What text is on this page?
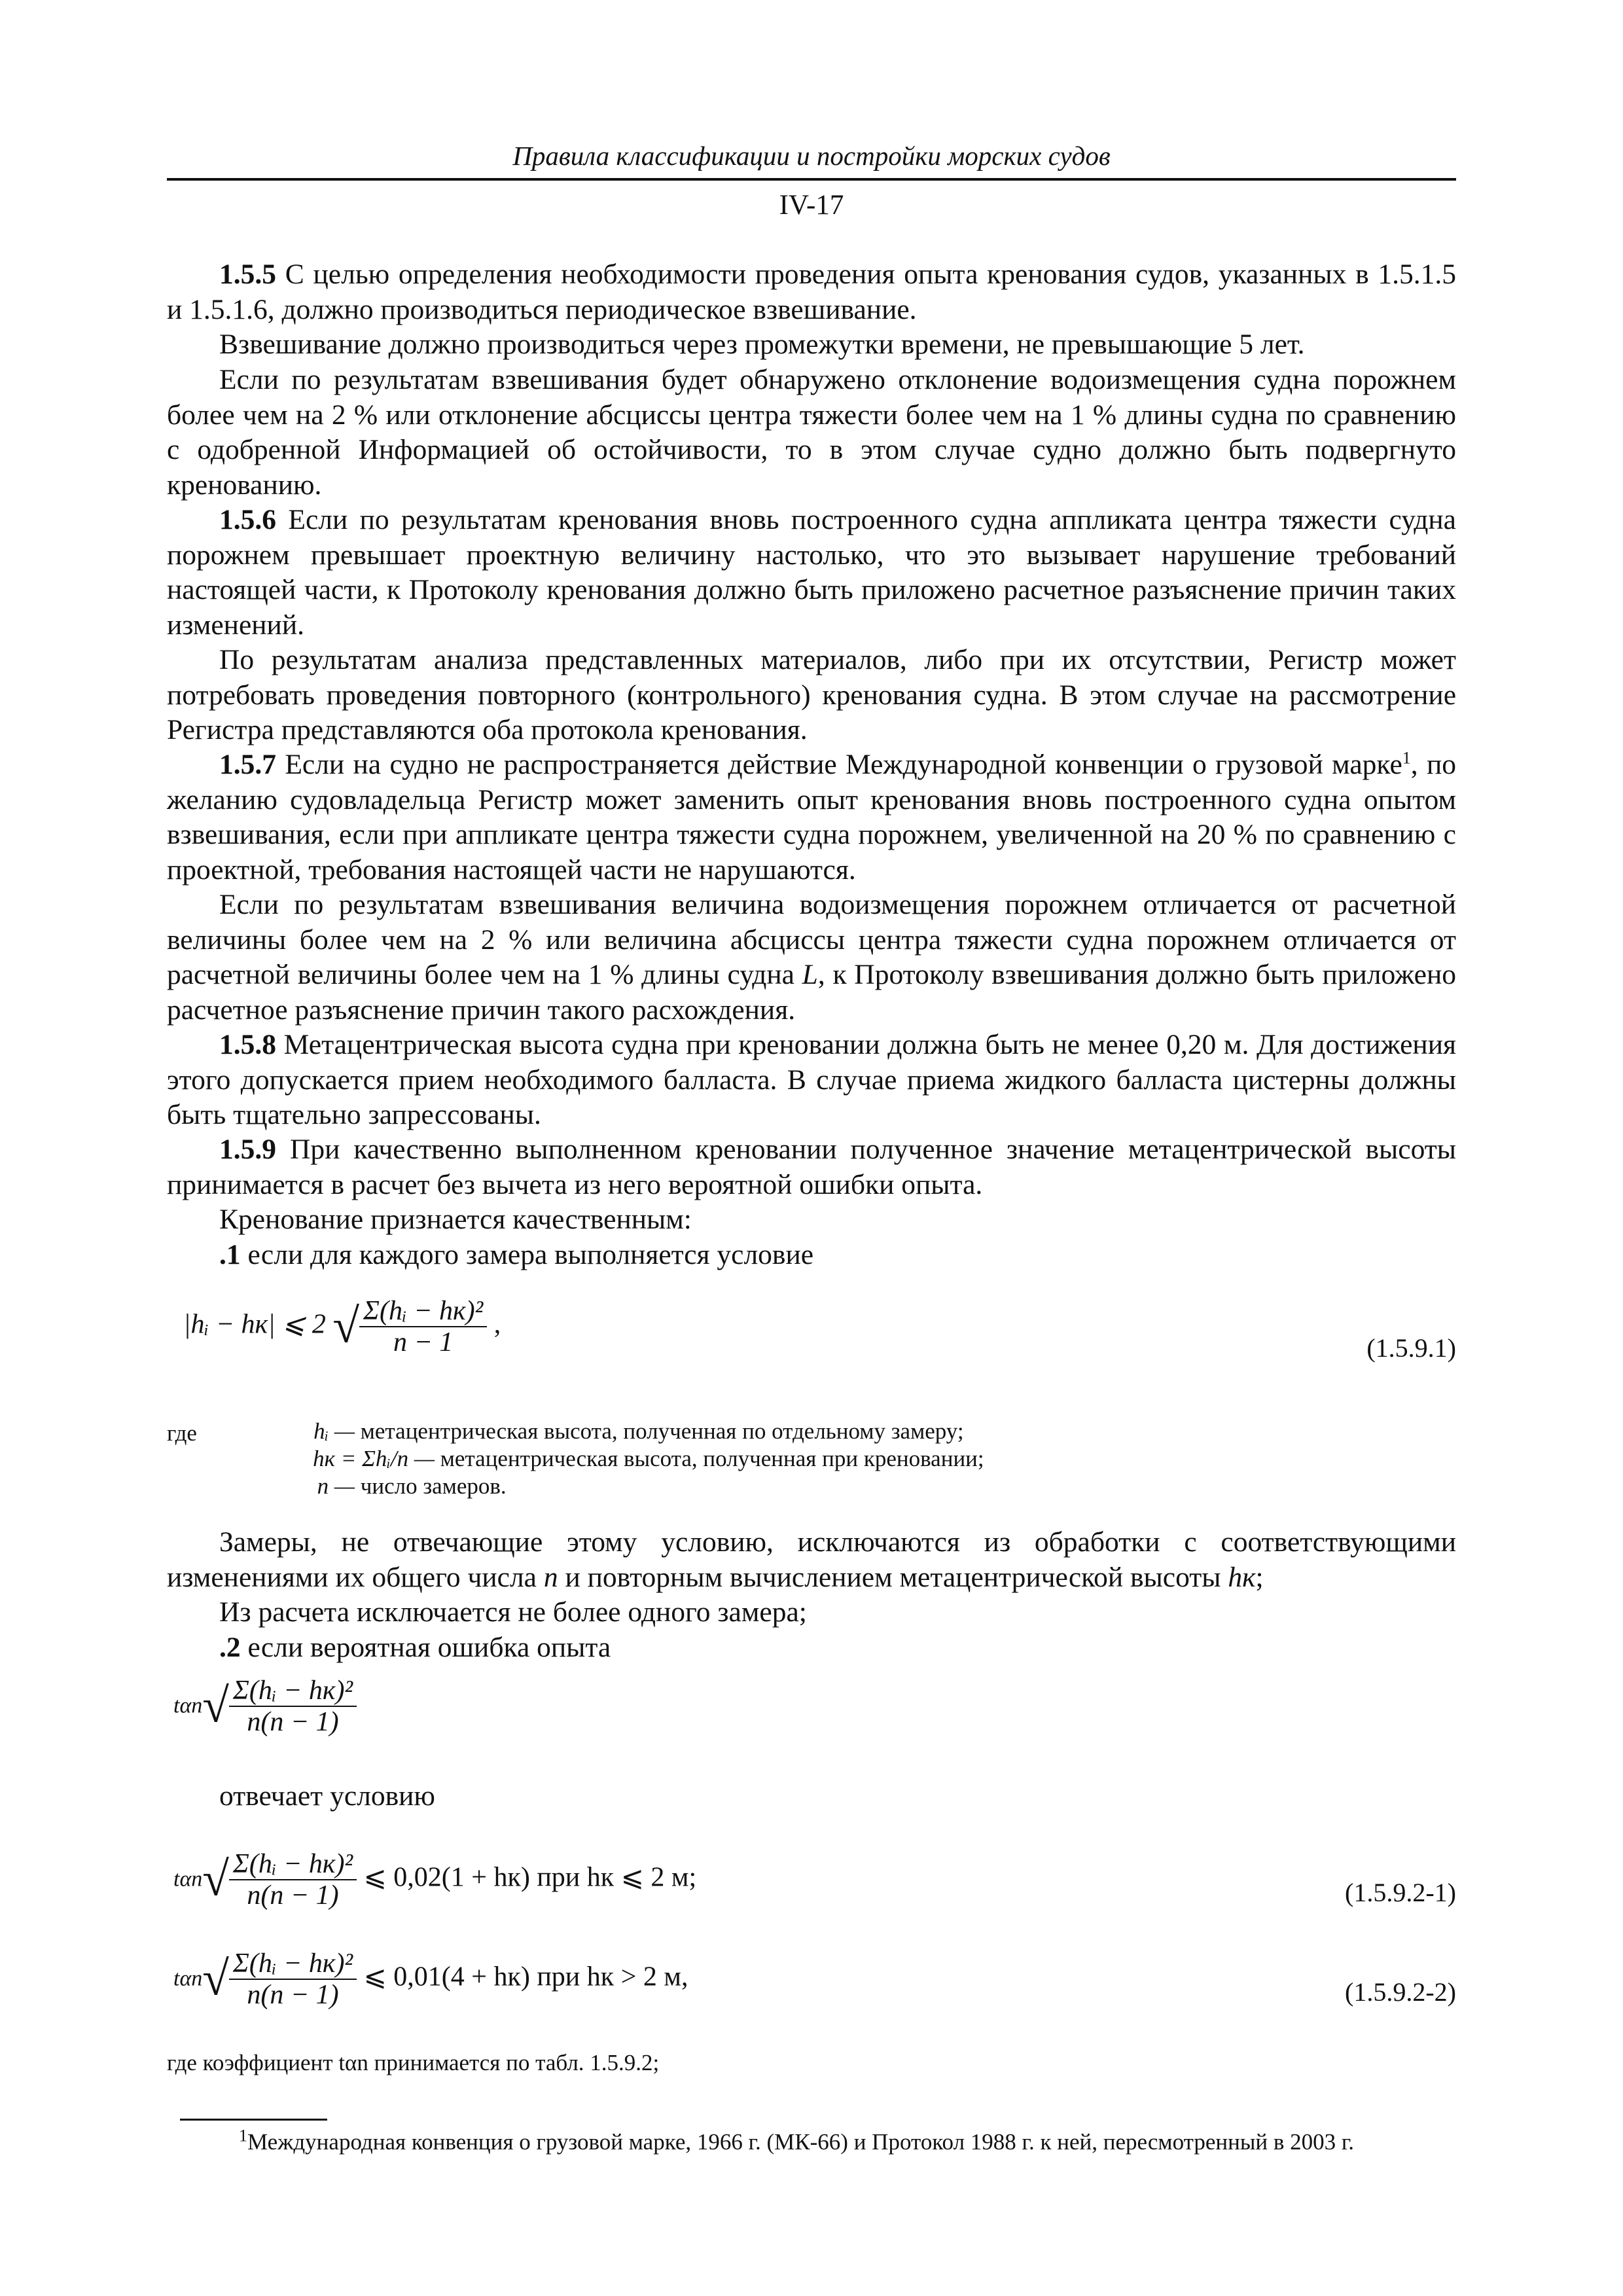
Правила классификации и постройки морских судов
IV-17
1.5.5 С целью определения необходимости проведения опыта кренования судов, указанных в 1.5.1.5 и 1.5.1.6, должно производиться периодическое взвешивание.
Взвешивание должно производиться через промежутки времени, не превышающие 5 лет.
Если по результатам взвешивания будет обнаружено отклонение водоизмещения судна порожнем более чем на 2 % или отклонение абсциссы центра тяжести более чем на 1 % длины судна по сравнению с одобренной Информацией об остойчивости, то в этом случае судно должно быть подвергнуто кренованию.
1.5.6 Если по результатам кренования вновь построенного судна аппликата центра тяжести судна порожнем превышает проектную величину настолько, что это вызывает нарушение требований настоящей части, к Протоколу кренования должно быть приложено расчетное разъяснение причин таких изменений.
По результатам анализа представленных материалов, либо при их отсутствии, Регистр может потребовать проведения повторного (контрольного) кренования судна. В этом случае на рассмотрение Регистра представляются оба протокола кренования.
1.5.7 Если на судно не распространяется действие Международной конвенции о грузовой марке$^1$, по желанию судовладельца Регистр может заменить опыт кренования вновь построенного судна опытом взвешивания, если при аппликате центра тяжести судна порожнем, увеличенной на 20 % по сравнению с проектной, требования настоящей части не нарушаются.
Если по результатам взвешивания величина водоизмещения порожнем отличается от расчетной величины более чем на 2 % или величина абсциссы центра тяжести судна порожнем отличается от расчетной величины более чем на 1 % длины судна L, к Протоколу взвешивания должно быть приложено расчетное разъяснение причин такого расхождения.
1.5.8 Метацентрическая высота судна при креновании должна быть не менее 0,20 м. Для достижения этого допускается прием необходимого балласта. В случае приема жидкого балласта цистерны должны быть тщательно запрессованы.
1.5.9 При качественно выполненном креновании полученное значение метацентрической высоты принимается в расчет без вычета из него вероятной ошибки опыта.
Кренование признается качественным:
.1 если для каждого замера выполняется условие
|hᵢ − hк| ⩽ 2 √ $\frac{\text{Σ(hᵢ − hк)²}}{n - 1}$ ,
(1.5.9.1)
где	hᵢ — метацентрическая высота, полученная по отдельному замеру;
hк = Σhᵢ/n — метацентрическая высота, полученная при креновании;
n — число замеров.
Замеры, не отвечающие этому условию, исключаются из обработки с соответствующими изменениями их общего числа n и повторным вычислением метацентрической высоты hк;
Из расчета исключается не более одного замера;
.2 если вероятная ошибка опыта
$t\alpha n√ \frac{\text{Σ(hᵢ − hк)²}}{n(n - 1)}$
отвечает условию
$t\alpha n√ \frac{\text{Σ(hᵢ − hк)²}}{n(n - 1)}$ ⩽ 0,02(1 + hк) при hк ⩽ 2 м;	(1.5.9.2-1)
$t\alpha n√ \frac{\text{Σ(hᵢ − hк)²}}{n(n - 1)}$ ⩽ 0,01(4 + hк) при hк > 2 м,	(1.5.9.2-2)
где коэффициент tαn принимается по табл. 1.5.9.2;
$^1$Международная конвенция о грузовой марке, 1966 г. (МК-66) и Протокол 1988 г. к ней, пересмотренный в 2003 г.
